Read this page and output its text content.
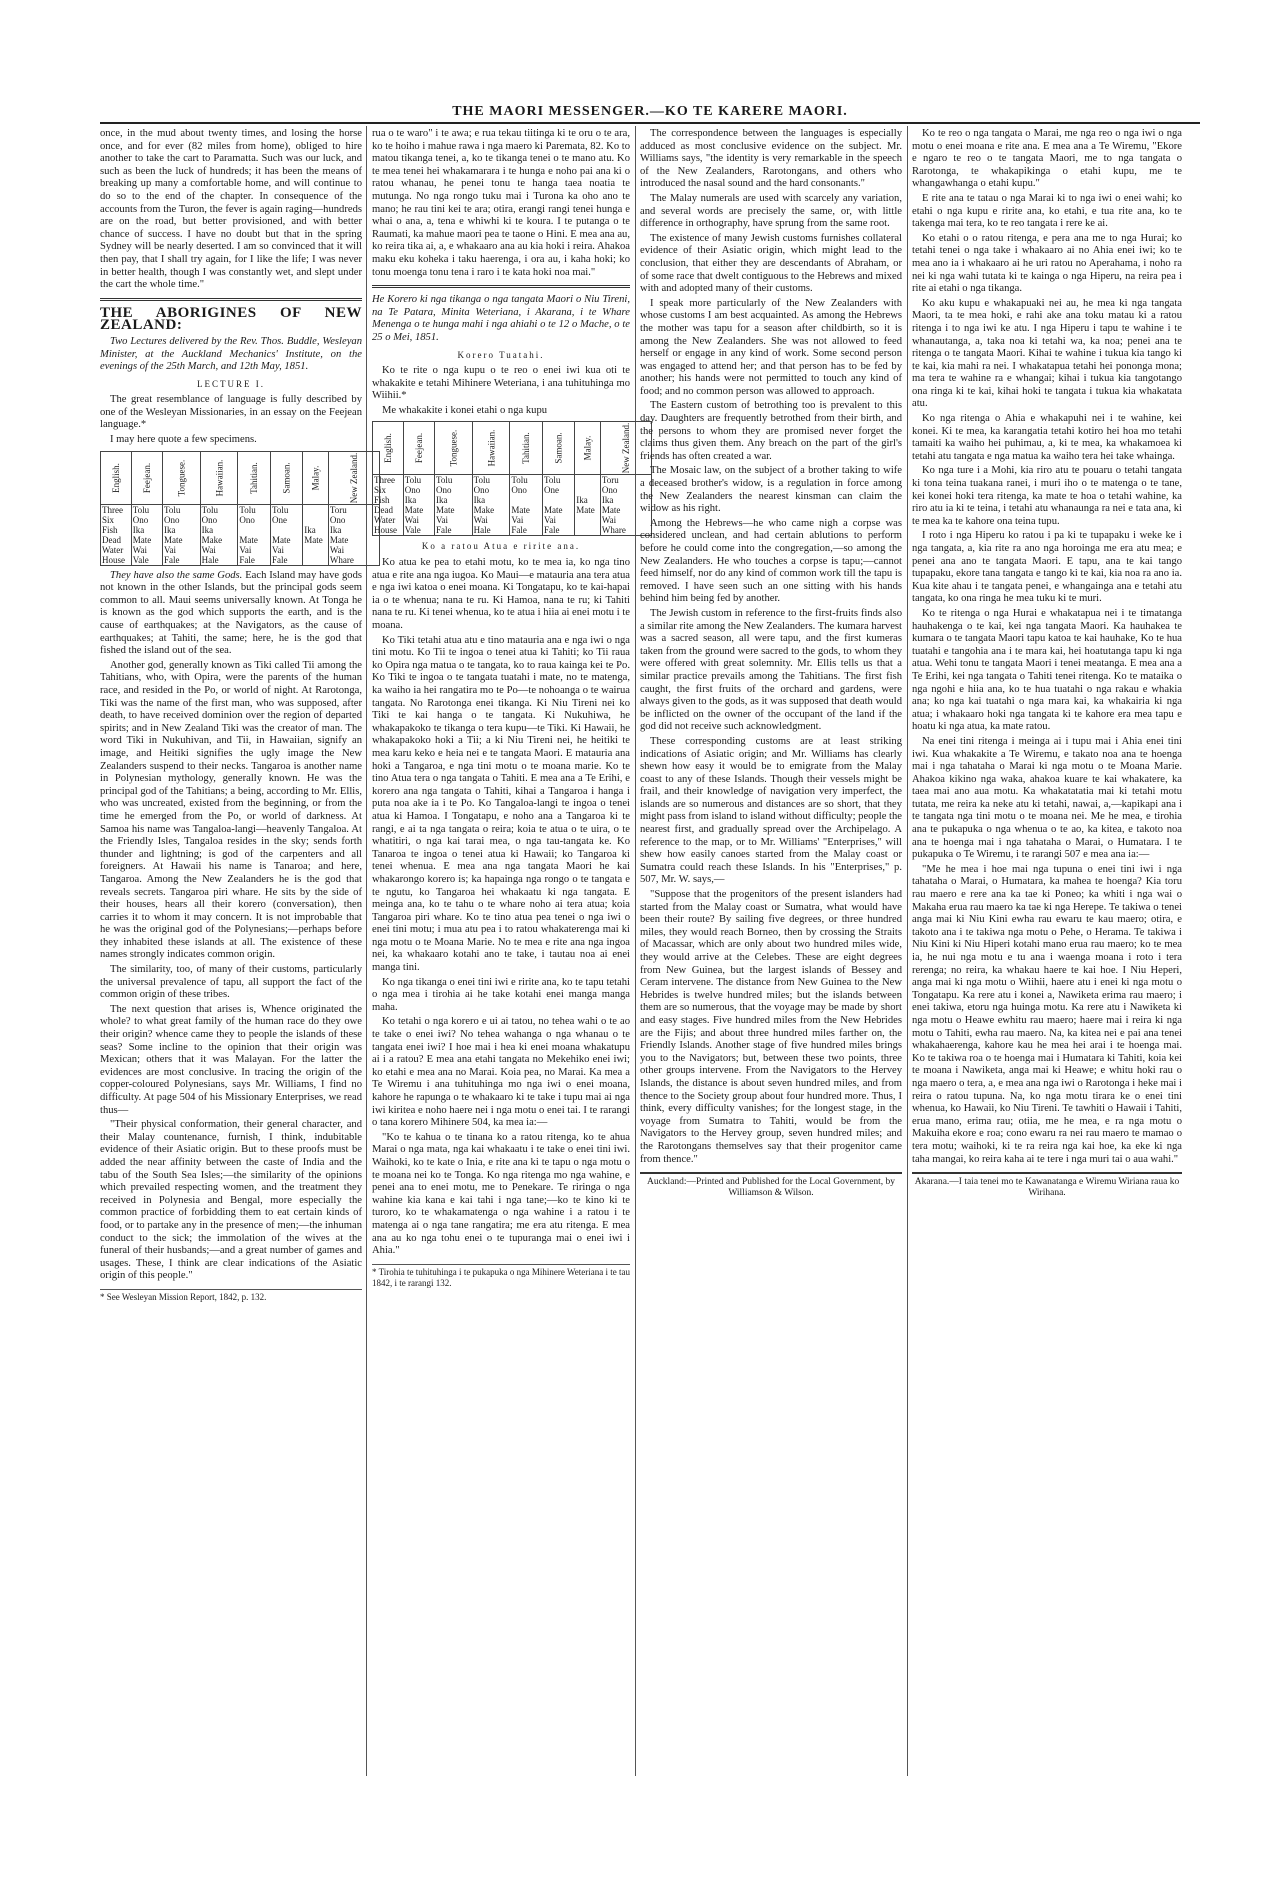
THE MAORI MESSENGER.—KO TE KARERE MAORI.

once, in the mud about twenty times, and losing the horse once, and for ever (82 miles from home), obliged to hire another to take the cart to Paramatta. Such was our luck, and such as been the luck of hundreds; it has been the means of breaking up many a comfortable home, and will continue to do so to the end of the chapter. In consequence of the accounts from the Turon, the fever is again raging—hundreds are on the road, but better provisioned, and with better chance of success. I have no doubt but that in the spring Sydney will be nearly deserted. I am so convinced that it will then pay, that I shall try again, for I like the life; I was never in better health, though I was constantly wet, and slept under the cart the whole time."

THE ABORIGINES OF NEW ZEALAND:

Two Lectures delivered by the Rev. Thos. Buddle, Wesleyan Minister, at the Auckland Mechanics' Institute, on the evenings of the 25th March, and 12th May, 1851.

LECTURE I.

The great resemblance of language is fully described by one of the Wesleyan Missionaries, in an essay on the Feejean language.*

I may here quote a few specimens.

English.	Feejean.	Tonguese.	Hawaiian.	Tahitian.	Samoan.	Malay.	New Zealand.
Three	Tolu	Tolu	Tolu	Tolu	Tolu		Toru
Six	Ono	Ono	Ono	Ono	One		Ono
Fish	Ika	Ika	Ika			Ika	Ika
Dead	Mate	Mate	Make	Mate	Mate	Mate	Mate
Water	Wai	Vai	Wai	Vai	Vai		Wai
House	Vale	Fale	Hale	Fale	Fale		Whare

They have also the same Gods. Each Island may have gods not known in the other Islands, but the principal gods seem common to all. Maui seems universally known. At Tonga he is known as the god which supports the earth, and is the cause of earthquakes; at the Navigators, as the cause of earthquakes; at Tahiti, the same; here, he is the god that fished the island out of the sea.

Another god, generally known as Tiki called Tii among the Tahitians, who, with Opira, were the parents of the human race, and resided in the Po, or world of night. At Rarotonga, Tiki was the name of the first man, who was supposed, after death, to have received dominion over the region of departed spirits; and in New Zealand Tiki was the creator of man. The word Tiki in Nukuhivan, and Tii, in Hawaiian, signify an image, and Heitiki signifies the ugly image the New Zealanders suspend to their necks. Tangaroa is another name in Polynesian mythology, generally known. He was the principal god of the Tahitians; a being, according to Mr. Ellis, who was uncreated, existed from the beginning, or from the time he emerged from the Po, or world of darkness. At Samoa his name was Tangaloa-langi—heavenly Tangaloa. At the Friendly Isles, Tangaloa resides in the sky; sends forth thunder and lightning; is god of the carpenters and all foreigners. At Hawaii his name is Tanaroa; and here, Tangaroa. Among the New Zealanders he is the god that reveals secrets. Tangaroa piri whare. He sits by the side of their houses, hears all their korero (conversation), then carries it to whom it may concern. It is not improbable that he was the original god of the Polynesians;—perhaps before they inhabited these islands at all. The existence of these names strongly indicates common origin.

The similarity, too, of many of their customs, particularly the universal prevalence of tapu, all support the fact of the common origin of these tribes.

The next question that arises is, Whence originated the whole? to what great family of the human race do they owe their origin? whence came they to people the islands of these seas? Some incline to the opinion that their origin was Mexican; others that it was Malayan. For the latter the evidences are most conclusive. In tracing the origin of the copper-coloured Polynesians, says Mr. Williams, I find no difficulty. At page 504 of his Missionary Enterprises, we read thus—

"Their physical conformation, their general character, and their Malay countenance, furnish, I think, indubitable evidence of their Asiatic origin. But to these proofs must be added the near affinity between the caste of India and the tabu of the South Sea Isles;—the similarity of the opinions which prevailed respecting women, and the treatment they received in Polynesia and Bengal, more especially the common practice of forbidding them to eat certain kinds of food, or to partake any in the presence of men;—the inhuman conduct to the sick; the immolation of the wives at the funeral of their husbands;—and a great number of games and usages. These, I think are clear indications of the Asiatic origin of this people."

* See Wesleyan Mission Report, 1842, p. 132.

rua o te waro" i te awa; e rua tekau tiitinga ki te oru o te ara, ko te hoiho i mahue rawa i nga maero ki Paremata, 82. Ko to matou tikanga tenei, a, ko te tikanga tenei o te mano atu. Ko te mea tenei hei whakamarara i te hunga e noho pai ana ki o ratou whanau, he penei tonu te hanga taea noatia te mutunga. No nga rongo tuku mai i Turona ka oho ano te mano; he rau tini kei te ara; otira, erangi rangi tenei hunga e whai o ana, a, tena e whiwhi ki te koura. I te putanga o te Raumati, ka mahue maori pea te taone o Hini. E mea ana au, ko reira tika ai, a, e whakaaro ana au kia hoki i reira. Ahakoa maku eku koheka i taku haerenga, i ora au, i kaha hoki; ko tonu moenga tonu tena i raro i te kata hoki noa mai."

He Korero ki nga tikanga o nga tangata Maori o Niu Tireni, na Te Patara, Minita Weteriana, i Akarana, i te Whare Menenga o te hunga mahi i nga ahiahi o te 12 o Mache, o te 25 o Mei, 1851.

Korero Tuatahi.

Ko te rite o nga kupu o te reo o enei iwi kua oti te whakakite e tetahi Mihinere Weteriana, i ana tuhituhinga mo Wiihii.*

Me whakakite i konei etahi o nga kupu

English.	Feejean.	Tonguese.	Hawaiian.	Tahitian.	Samoan.	Malay.	New Zealand.
Three	Tolu	Tolu	Tolu	Tolu	Tolu		Toru
Six	Ono	Ono	Ono	Ono	One		Ono
Fish	Ika	Ika	Ika			Ika	Ika
Dead	Mate	Mate	Make	Mate	Mate	Mate	Mate
Water	Wai	Vai	Wai	Vai	Vai		Wai
House	Vale	Fale	Hale	Fale	Fale		Whare
Ko a ratou Atua e ririte ana.

Ko atua ke pea to etahi motu, ko te mea ia, ko nga tino atua e rite ana nga iugoa. Ko Maui—e matauria ana tera atua e nga iwi katoa o enei moana. Ki Tongatapu, ko te kai-hapai ia o te whenua; nana te ru. Ki Hamoa, nana te ru; ki Tahiti nana te ru. Ki tenei whenua, ko te atua i hiia ai enei motu i te moana.

Ko Tiki tetahi atua atu e tino matauria ana e nga iwi o nga tini motu. Ko Tii te ingoa o tenei atua ki Tahiti; ko Tii raua ko Opira nga matua o te tangata, ko to raua kainga kei te Po. Ko Tiki te ingoa o te tangata tuatahi i mate, no te matenga, ka waiho ia hei rangatira mo te Po—te nohoanga o te wairua tangata. No Rarotonga enei tikanga. Ki Niu Tireni nei ko Tiki te kai hanga o te tangata. Ki Nukuhiwa, he whakapakoko te tikanga o tera kupu—te Tiki. Ki Hawaii, he whakapakoko hoki a Tii; a ki Niu Tireni nei, he heitiki te mea karu keko e heia nei e te tangata Maori. E matauria ana hoki a Tangaroa, e nga tini motu o te moana marie. Ko te tino Atua tera o nga tangata o Tahiti. E mea ana a Te Erihi, e korero ana nga tangata o Tahiti, kihai a Tangaroa i hanga i puta noa ake ia i te Po. Ko Tangaloa-langi te ingoa o tenei atua ki Hamoa. I Tongatapu, e noho ana a Tangaroa ki te rangi, e ai ta nga tangata o reira; koia te atua o te uira, o te whatitiri, o nga kai tarai mea, o nga tau-tangata ke. Ko Tanaroa te ingoa o tenei atua ki Hawaii; ko Tangaroa ki tenei whenua. E mea ana nga tangata Maori he kai whakarongo korero is; ka hapainga nga rongo o te tangata e te ngutu, ko Tangaroa hei whakaatu ki nga tangata. E meinga ana, ko te tahu o te whare noho ai tera atua; koia Tangaroa piri whare. Ko te tino atua pea tenei o nga iwi o enei tini motu; i mua atu pea i to ratou whakaterenga mai ki nga motu o te Moana Marie. No te mea e rite ana nga ingoa nei, ka whakaaro kotahi ano te take, i tautau noa ai enei manga tini.

Ko nga tikanga o enei tini iwi e ririte ana, ko te tapu tetahi o nga mea i tirohia ai he take kotahi enei manga manga maha.

Ko tetahi o nga korero e ui ai tatou, no tehea wahi o te ao te take o enei iwi? No tehea wahanga o nga whanau o te tangata enei iwi? I hoe mai i hea ki enei moana whakatupu ai i a ratou? E mea ana etahi tangata no Mekehiko enei iwi; ko etahi e mea ana no Marai. Koia pea, no Marai. Ka mea a Te Wiremu i ana tuhituhinga mo nga iwi o enei moana, kahore he rapunga o te whakaaro ki te take i tupu mai ai nga iwi kiritea e noho haere nei i nga motu o enei tai. I te rarangi o tana korero Mihinere 504, ka mea ia:—

"Ko te kahua o te tinana ko a ratou ritenga, ko te ahua Marai o nga mata, nga kai whakaatu i te take o enei tini iwi. Waihoki, ko te kate o Inia, e rite ana ki te tapu o nga motu o te moana nei ko te Tonga. Ko nga ritenga mo nga wahine, e penei ana to enei motu, me to Penekare. Te riringa o nga wahine kia kana e kai tahi i nga tane;—ko te kino ki te turoro, ko te whakamatenga o nga wahine i a ratou i te matenga ai o nga tane rangatira; me era atu ritenga. E mea ana au ko nga tohu enei o te tupuranga mai o enei iwi i Ahia."

* Tirohia te tuhituhinga i te pukapuka o nga Mihinere Weteriana i te tau 1842, i te rarangi 132.

The correspondence between the languages is especially adduced as most conclusive evidence on the subject. Mr. Williams says, "the identity is very remarkable in the speech of the New Zealanders, Rarotongans, and others who introduced the nasal sound and the hard consonants."

The Malay numerals are used with scarcely any variation, and several words are precisely the same, or, with little difference in orthography, have sprung from the same root.

The existence of many Jewish customs furnishes collateral evidence of their Asiatic origin, which might lead to the conclusion, that either they are descendants of Abraham, or of some race that dwelt contiguous to the Hebrews and mixed with and adopted many of their customs.

I speak more particularly of the New Zealanders with whose customs I am best acquainted. As among the Hebrews the mother was tapu for a season after childbirth, so it is among the New Zealanders. She was not allowed to feed herself or engage in any kind of work. Some second person was engaged to attend her; and that person has to be fed by another; his hands were not permitted to touch any kind of food; and no common person was allowed to approach.

The Eastern custom of betrothing too is prevalent to this day. Daughters are frequently betrothed from their birth, and the persons to whom they are promised never forget the claims thus given them. Any breach on the part of the girl's friends has often created a war.

The Mosaic law, on the subject of a brother taking to wife a deceased brother's widow, is a regulation in force among the New Zealanders the nearest kinsman can claim the widow as his right.

Among the Hebrews—he who came nigh a corpse was considered unclean, and had certain ablutions to perform before he could come into the congregation,—so among the New Zealanders. He who touches a corpse is tapu;—cannot feed himself, nor do any kind of common work till the tapu is removed. I have seen such an one sitting with his hands behind him being fed by another.

The Jewish custom in reference to the first-fruits finds also a similar rite among the New Zealanders. The kumara harvest was a sacred season, all were tapu, and the first kumeras taken from the ground were sacred to the gods, to whom they were offered with great solemnity. Mr. Ellis tells us that a similar practice prevails among the Tahitians. The first fish caught, the first fruits of the orchard and gardens, were always given to the gods, as it was supposed that death would be inflicted on the owner of the occupant of the land if the god did not receive such acknowledgment.

These corresponding customs are at least striking indications of Asiatic origin; and Mr. Williams has clearly shewn how easy it would be to emigrate from the Malay coast to any of these Islands. Though their vessels might be frail, and their knowledge of navigation very imperfect, the islands are so numerous and distances are so short, that they might pass from island to island without difficulty; people the nearest first, and gradually spread over the Archipelago. A reference to the map, or to Mr. Williams' "Enterprises," will shew how easily canoes started from the Malay coast or Sumatra could reach these Islands. In his "Enterprises," p. 507, Mr. W. says,—

"Suppose that the progenitors of the present islanders had started from the Malay coast or Sumatra, what would have been their route? By sailing five degrees, or three hundred miles, they would reach Borneo, then by crossing the Straits of Macassar, which are only about two hundred miles wide, they would arrive at the Celebes. These are eight degrees from New Guinea, but the largest islands of Bessey and Ceram intervene. The distance from New Guinea to the New Hebrides is twelve hundred miles; but the islands between them are so numerous, that the voyage may be made by short and easy stages. Five hundred miles from the New Hebrides are the Fijis; and about three hundred miles farther on, the Friendly Islands. Another stage of five hundred miles brings you to the Navigators; but, between these two points, three other groups intervene. From the Navigators to the Hervey Islands, the distance is about seven hundred miles, and from thence to the Society group about four hundred more. Thus, I think, every difficulty vanishes; for the longest stage, in the voyage from Sumatra to Tahiti, would be from the Navigators to the Hervey group, seven hundred miles; and the Rarotongans themselves say that their progenitor came from thence."

Auckland:—Printed and Published for the Local Government, by Williamson & Wilson.

Ko te reo o nga tangata o Marai, me nga reo o nga iwi o nga motu o enei moana e rite ana. E mea ana a Te Wiremu, "Ekore e ngaro te reo o te tangata Maori, me to nga tangata o Rarotonga, te whakapikinga o etahi kupu, me te whangawhanga o etahi kupu."

E rite ana te tatau o nga Marai ki to nga iwi o enei wahi; ko etahi o nga kupu e ririte ana, ko etahi, e tua rite ana, ko te takenga mai tera, ko te reo tangata i rere ke ai.

Ko etahi o o ratou ritenga, e pera ana me to nga Hurai; ko tetahi tenei o nga take i whakaaro ai no Ahia enei iwi; ko te mea ano ia i whakaaro ai he uri ratou no Aperahama, i noho ra nei ki nga wahi tutata ki te kainga o nga Hiperu, na reira pea i rite ai etahi o nga tikanga.

Ko aku kupu e whakapuaki nei au, he mea ki nga tangata Maori, ta te mea hoki, e rahi ake ana toku matau ki a ratou ritenga i to nga iwi ke atu. I nga Hiperu i tapu te wahine i te whanautanga, a, taka noa ki tetahi wa, ka noa; penei ana te ritenga o te tangata Maori. Kihai te wahine i tukua kia tango ki te kai, kia mahi ra nei. I whakatapua tetahi hei pononga mona; ma tera te wahine ra e whangai; kihai i tukua kia tangotango ona ringa ki te kai, kihai hoki te tangata i tukua kia whakatata atu.

Ko nga ritenga o Ahia e whakapuhi nei i te wahine, kei konei. Ki te mea, ka karangatia tetahi kotiro hei hoa mo tetahi tamaiti ka waiho hei puhimau, a, ki te mea, ka whakamoea ki tetahi atu tangata e nga matua ka waiho tera hei take whainga.

Ko nga ture i a Mohi, kia riro atu te pouaru o tetahi tangata ki tona teina tuakana ranei, i muri iho o te matenga o te tane, kei konei hoki tera ritenga, ka mate te hoa o tetahi wahine, ka riro atu ia ki te teina, i tetahi atu whanaunga ra nei e tata ana, ki te mea ka te kahore ona teina tupu.

I roto i nga Hiperu ko ratou i pa ki te tupapaku i weke ke i nga tangata, a, kia rite ra ano nga horoinga me era atu mea; e penei ana ano te tangata Maori. E tapu, ana te kai tango tupapaku, ekore tana tangata e tango ki te kai, kia noa ra ano ia. Kua kite ahau i te tangata penei, e whangainga ana e tetahi atu tangata, ko ona ringa he mea tuku ki te muri.

Ko te ritenga o nga Hurai e whakatapua nei i te timatanga hauhakenga o te kai, kei nga tangata Maori. Ka hauhakea te kumara o te tangata Maori tapu katoa te kai hauhake, Ko te hua tuatahi e tangohia ana i te mara kai, hei hoatutanga tapu ki nga atua. Wehi tonu te tangata Maori i tenei meatanga. E mea ana a Te Erihi, kei nga tangata o Tahiti tenei ritenga. Ko te mataika o nga ngohi e hiia ana, ko te hua tuatahi o nga rakau e whakia ana; ko nga kai tuatahi o nga mara kai, ka whakairia ki nga atua; i whakaaro hoki nga tangata ki te kahore era mea tapu e hoatu ki nga atua, ka mate ratou.

Na enei tini ritenga i meinga ai i tupu mai i Ahia enei tini iwi. Kua whakakite a Te Wiremu, e takato noa ana te hoenga mai i nga tahataha o Marai ki nga motu o te Moana Marie. Ahakoa kikino nga waka, ahakoa kuare te kai whakatere, ka taea mai ano aua motu. Ka whakatatatia mai ki tetahi motu tutata, me reira ka neke atu ki tetahi, nawai, a,—kapikapi ana i te tangata nga tini motu o te moana nei. Me he mea, e tirohia ana te pukapuka o nga whenua o te ao, ka kitea, e takoto noa ana te hoenga mai i nga tahataha o Marai, o Humatara. I te pukapuka o Te Wiremu, i te rarangi 507 e mea ana ia:—

"Me he mea i hoe mai nga tupuna o enei tini iwi i nga tahataha o Marai, o Humatara, ka mahea te hoenga? Kia toru rau maero e rere ana ka tae ki Poneo; ka whiti i nga wai o Makaha erua rau maero ka tae ki nga Herepe. Te takiwa o tenei anga mai ki Niu Kini ewha rau ewaru te kau maero; otira, e takoto ana i te takiwa nga motu o Pehe, o Herama. Te takiwa i Niu Kini ki Niu Hiperi kotahi mano erua rau maero; ko te mea ia, he nui nga motu e tu ana i waenga moana i roto i tera rerenga; no reira, ka whakau haere te kai hoe. I Niu Heperi, anga mai ki nga motu o Wiihii, haere atu i enei ki nga motu o Tongatapu. Ka rere atu i konei a, Nawiketa erima rau maero; i enei takiwa, etoru nga huinga motu. Ka rere atu i Nawiketa ki nga motu o Heawe ewhitu rau maero; haere mai i reira ki nga motu o Tahiti, ewha rau maero. Na, ka kitea nei e pai ana tenei whakahaerenga, kahore kau he mea hei arai i te hoenga mai. Ko te takiwa roa o te hoenga mai i Humatara ki Tahiti, koia kei te moana i Nawiketa, anga mai ki Heawe; e whitu hoki rau o nga maero o tera, a, e mea ana nga iwi o Rarotonga i heke mai i reira o ratou tupuna. Na, ko nga motu tirara ke o enei tini whenua, ko Hawaii, ko Niu Tireni. Te tawhiti o Hawaii i Tahiti, erua mano, erima rau; otiia, me he mea, e ra nga motu o Makuiha ekore e roa; cono ewaru ra nei rau maero te mamao o tera motu; waihoki, ki te ra reira nga kai hoe, ka eke ki nga taha mangai, ko reira kaha ai te tere i nga muri tai o aua wahi."

Akarana.—I taia tenei mo te Kawanatanga e Wiremu Wiriana raua ko Wirihana.
